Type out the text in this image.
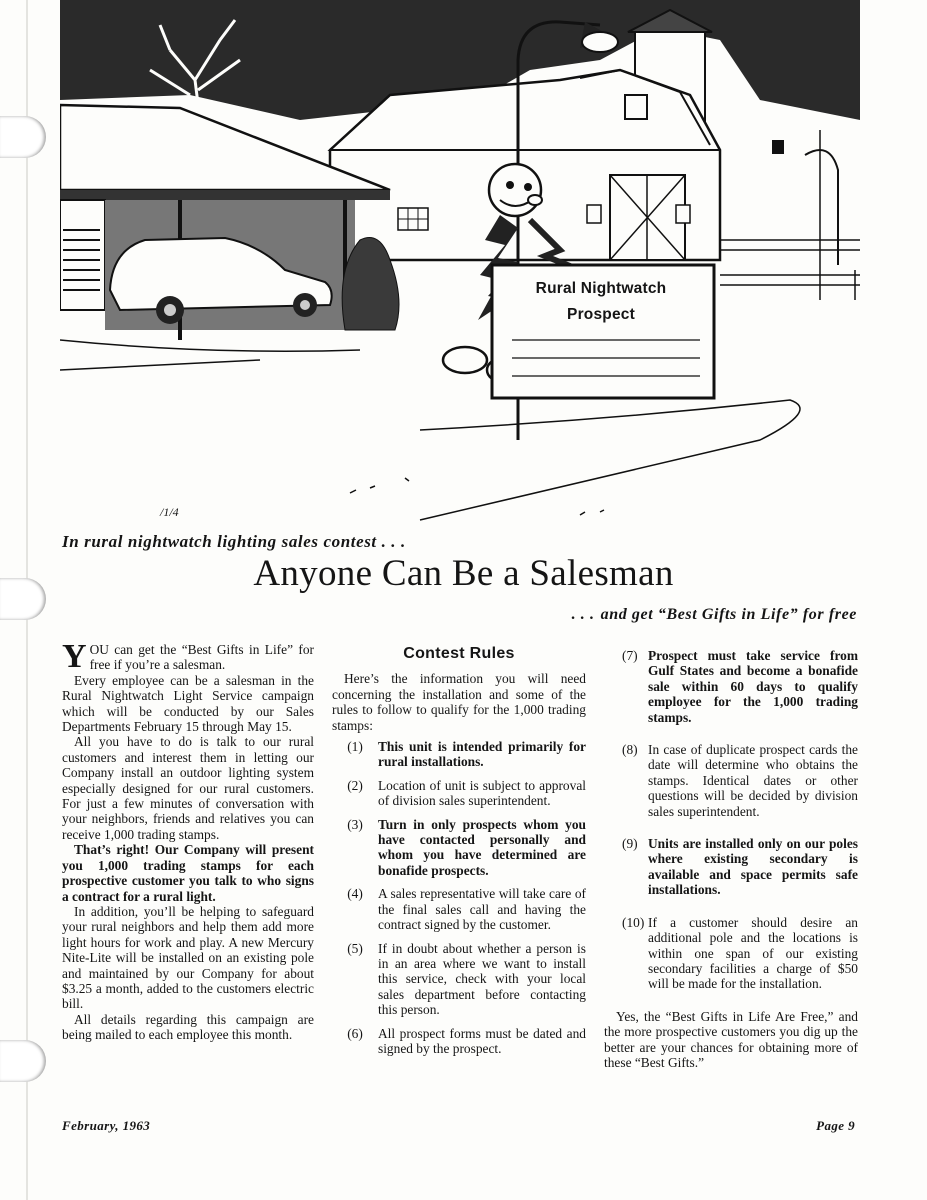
Rural Nightwatch
Prospect
/1/4
In rural nightwatch lighting sales contest . . .
Anyone Can Be a Salesman
. . . and get “Best Gifts in Life” for free

YOU can get the “Best Gifts in Life” for free if you’re a salesman.

Every employee can be a salesman in the Rural Nightwatch Light Service campaign which will be conducted by our Sales Departments February 15 through May 15.

All you have to do is talk to our rural customers and interest them in letting our Company install an outdoor lighting system especially designed for our rural customers. For just a few minutes of conversation with your neighbors, friends and relatives you can receive 1,000 trading stamps.

That’s right! Our Company will present you 1,000 trading stamps for each prospective customer you talk to who signs a contract for a rural light.

In addition, you’ll be helping to safeguard your rural neighbors and help them add more light hours for work and play. A new Mercury Nite-Lite will be installed on an existing pole and maintained by our Company for about $3.25 a month, added to the customers electric bill.

All details regarding this campaign are being mailed to each employee this month.

Contest Rules

Here’s the information you will need concerning the installation and some of the rules to follow to qualify for the 1,000 trading stamps:

(1)	This unit is intended primarily for rural installations.
(2)	Location of unit is subject to approval of division sales superintendent.
(3)	Turn in only prospects whom you have contacted personally and whom you have determined are bonafide prospects.
(4)	A sales representative will take care of the final sales call and having the contract signed by the customer.
(5)	If in doubt about whether a person is in an area where we want to install this service, check with your local sales department before contacting this person.
(6)	All prospect forms must be dated and signed by the prospect.
(7) Prospect must take service from Gulf States and become a bonafide sale within 60 days to qualify employee for the 1,000 trading stamps.
(8) In case of duplicate prospect cards the date will determine who obtains the stamps. Identical dates or other questions will be decided by division sales superintendent.
(9) Units are installed only on our poles where existing secondary is available and space permits safe installations.
(10) If a customer should desire an additional pole and the locations is within one span of our existing secondary facilities a charge of $50 will be made for the installation.

Yes, the “Best Gifts in Life Are Free,” and the more prospective customers you dig up the better are your chances for obtaining more of these “Best Gifts.”

February, 1963	Page 9
